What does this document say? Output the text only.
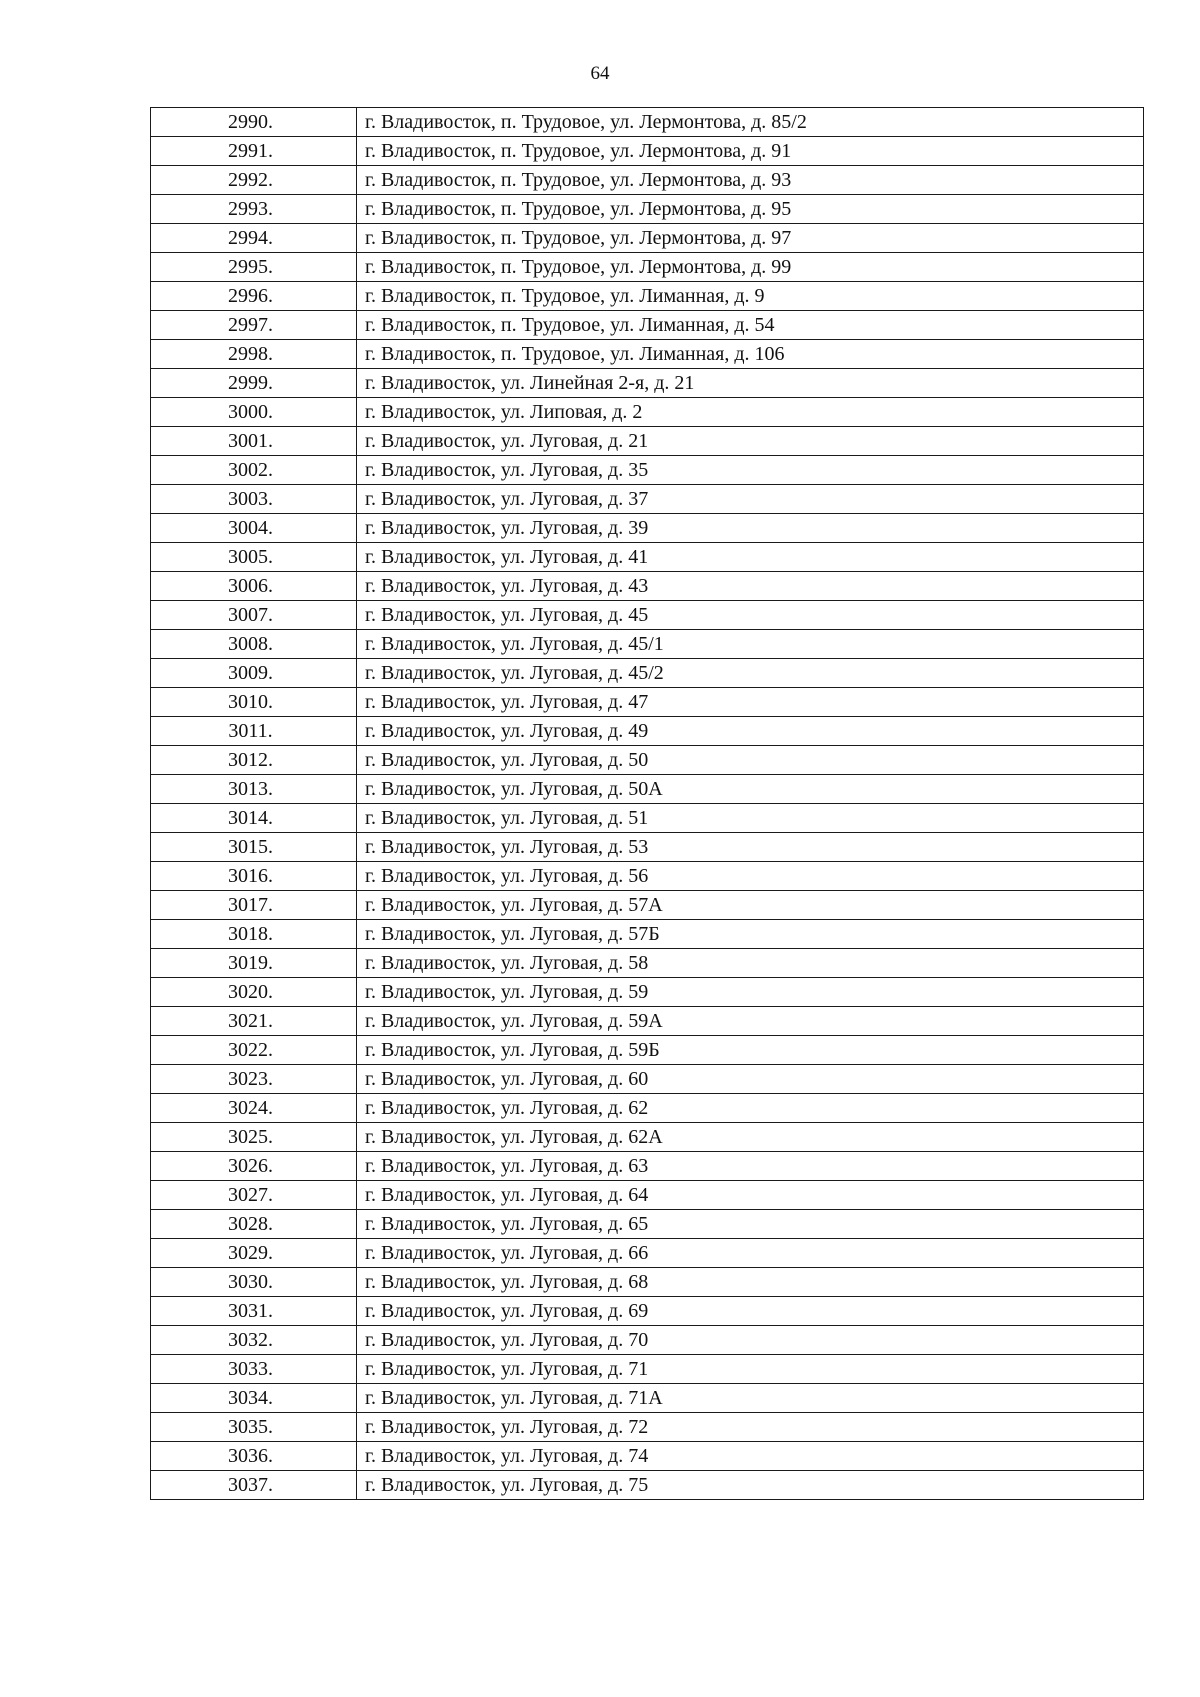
64
2990.	г. Владивосток, п. Трудовое, ул. Лермонтова, д. 85/2
2991.	г. Владивосток, п. Трудовое, ул. Лермонтова, д. 91
2992.	г. Владивосток, п. Трудовое, ул. Лермонтова, д. 93
2993.	г. Владивосток, п. Трудовое, ул. Лермонтова, д. 95
2994.	г. Владивосток, п. Трудовое, ул. Лермонтова, д. 97
2995.	г. Владивосток, п. Трудовое, ул. Лермонтова, д. 99
2996.	г. Владивосток, п. Трудовое, ул. Лиманная, д. 9
2997.	г. Владивосток, п. Трудовое, ул. Лиманная, д. 54
2998.	г. Владивосток, п. Трудовое, ул. Лиманная, д. 106
2999.	г. Владивосток, ул. Линейная 2-я, д. 21
3000.	г. Владивосток, ул. Липовая, д. 2
3001.	г. Владивосток, ул. Луговая, д. 21
3002.	г. Владивосток, ул. Луговая, д. 35
3003.	г. Владивосток, ул. Луговая, д. 37
3004.	г. Владивосток, ул. Луговая, д. 39
3005.	г. Владивосток, ул. Луговая, д. 41
3006.	г. Владивосток, ул. Луговая, д. 43
3007.	г. Владивосток, ул. Луговая, д. 45
3008.	г. Владивосток, ул. Луговая, д. 45/1
3009.	г. Владивосток, ул. Луговая, д. 45/2
3010.	г. Владивосток, ул. Луговая, д. 47
3011.	г. Владивосток, ул. Луговая, д. 49
3012.	г. Владивосток, ул. Луговая, д. 50
3013.	г. Владивосток, ул. Луговая, д. 50А
3014.	г. Владивосток, ул. Луговая, д. 51
3015.	г. Владивосток, ул. Луговая, д. 53
3016.	г. Владивосток, ул. Луговая, д. 56
3017.	г. Владивосток, ул. Луговая, д. 57А
3018.	г. Владивосток, ул. Луговая, д. 57Б
3019.	г. Владивосток, ул. Луговая, д. 58
3020.	г. Владивосток, ул. Луговая, д. 59
3021.	г. Владивосток, ул. Луговая, д. 59А
3022.	г. Владивосток, ул. Луговая, д. 59Б
3023.	г. Владивосток, ул. Луговая, д. 60
3024.	г. Владивосток, ул. Луговая, д. 62
3025.	г. Владивосток, ул. Луговая, д. 62А
3026.	г. Владивосток, ул. Луговая, д. 63
3027.	г. Владивосток, ул. Луговая, д. 64
3028.	г. Владивосток, ул. Луговая, д. 65
3029.	г. Владивосток, ул. Луговая, д. 66
3030.	г. Владивосток, ул. Луговая, д. 68
3031.	г. Владивосток, ул. Луговая, д. 69
3032.	г. Владивосток, ул. Луговая, д. 70
3033.	г. Владивосток, ул. Луговая, д. 71
3034.	г. Владивосток, ул. Луговая, д. 71А
3035.	г. Владивосток, ул. Луговая, д. 72
3036.	г. Владивосток, ул. Луговая, д. 74
3037.	г. Владивосток, ул. Луговая, д. 75
